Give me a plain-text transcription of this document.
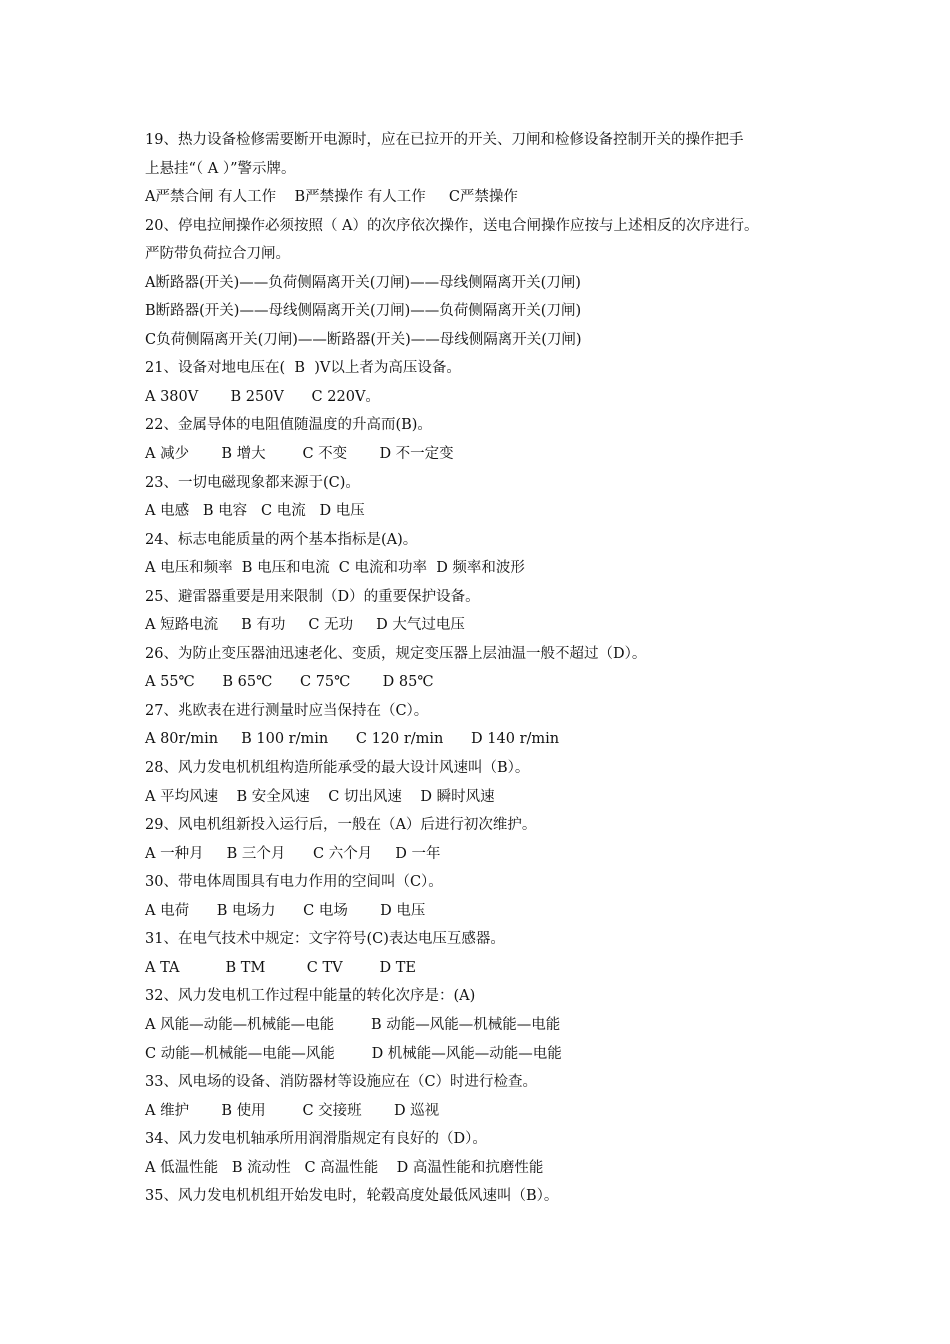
19、热力设备检修需要断开电源时，应在已拉开的开关、刀闸和检修设备控制开关的操作把手
上悬挂“（ A ）”警示牌。
A严禁合闸 有人工作    B严禁操作 有人工作     C严禁操作
20、停电拉闸操作必须按照（ A）的次序依次操作，送电合闸操作应按与上述相反的次序进行。
严防带负荷拉合刀闸。
A断路器(开关)——负荷侧隔离开关(刀闸)——母线侧隔离开关(刀闸)
B断路器(开关)——母线侧隔离开关(刀闸)——负荷侧隔离开关(刀闸)
C负荷侧隔离开关(刀闸)——断路器(开关)——母线侧隔离开关(刀闸)
21、设备对地电压在(  B  )V以上者为高压设备。
A 380V       B 250V      C 220V。
22、金属导体的电阻值随温度的升高而(B)。
A 减少       B 增大        C 不变       D 不一定变
23、一切电磁现象都来源于(C)。
A 电感   B 电容   C 电流   D 电压
24、标志电能质量的两个基本指标是(A)。
A 电压和频率  B 电压和电流  C 电流和功率  D 频率和波形
25、避雷器重要是用来限制（D）的重要保护设备。
A 短路电流     B 有功     C 无功     D 大气过电压
26、为防止变压器油迅速老化、变质，规定变压器上层油温一般不超过（D）。
A 55℃      B 65℃      C 75℃       D 85℃
27、兆欧表在进行测量时应当保持在（C）。
A 80r/min     B 100 r/min      C 120 r/min      D 140 r/min
28、风力发电机机组构造所能承受的最大设计风速叫（B）。
A 平均风速    B 安全风速    C 切出风速    D 瞬时风速
29、风电机组新投入运行后，一般在（A）后进行初次维护。
A 一种月     B 三个月      C 六个月     D 一年
30、带电体周围具有电力作用的空间叫（C）。
A 电荷      B 电场力      C 电场       D 电压
31、在电气技术中规定：文字符号(C)表达电压互感器。
A TA          B TM         C TV        D TE
32、风力发电机工作过程中能量的转化次序是：(A)
A 风能—动能—机械能—电能        B 动能—风能—机械能—电能
C 动能—机械能—电能—风能        D 机械能—风能—动能—电能
33、风电场的设备、消防器材等设施应在（C）时进行检查。
A 维护       B 使用        C 交接班       D 巡视
34、风力发电机轴承所用润滑脂规定有良好的（D）。
A 低温性能   B 流动性   C 高温性能    D 高温性能和抗磨性能
35、风力发电机机组开始发电时，轮毂高度处最低风速叫（B）。
